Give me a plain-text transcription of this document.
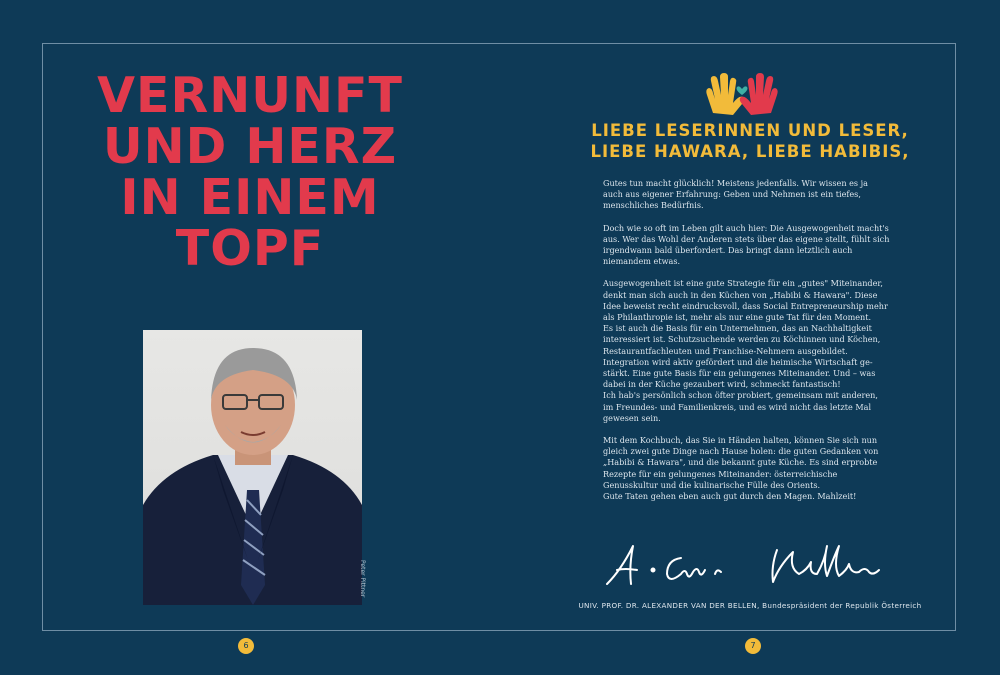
VERNUNFT
UND HERZ
IN EINEM
TOPF
Peter Pittner
6
LIEBE LESERINNEN UND LESER,
LIEBE HAWARA, LIEBE HABIBIS,

Gutes tun macht glücklich! Meistens jedenfalls. Wir wissen es ja
auch aus eigener Erfahrung: Geben und Nehmen ist ein tiefes,
menschliches Bedürfnis.

Doch wie so oft im Leben gilt auch hier: Die Ausgewogenheit macht's
aus. Wer das Wohl der Anderen stets über das eigene stellt, fühlt sich
irgendwann bald überfordert. Das bringt dann letztlich auch
niemandem etwas.

Ausgewogenheit ist eine gute Strategie für ein „gutes" Miteinander,
denkt man sich auch in den Küchen von „Habibi & Hawara". Diese
Idee beweist recht eindrucksvoll, dass Social Entrepreneurship mehr
als Philanthropie ist, mehr als nur eine gute Tat für den Moment.
Es ist auch die Basis für ein Unternehmen, das an Nachhaltigkeit
interessiert ist. Schutzsuchende werden zu Köchinnen und Köchen,
Restaurantfachleuten und Franchise-Nehmern ausgebildet.
Integration wird aktiv gefördert und die heimische Wirtschaft ge-
stärkt. Eine gute Basis für ein gelungenes Miteinander. Und – was
dabei in der Küche gezaubert wird, schmeckt fantastisch!
Ich hab's persönlich schon öfter probiert, gemeinsam mit anderen,
im Freundes- und Familienkreis, und es wird nicht das letzte Mal
gewesen sein.

Mit dem Kochbuch, das Sie in Händen halten, können Sie sich nun
gleich zwei gute Dinge nach Hause holen: die guten Gedanken von
„Habibi & Hawara", und die bekannt gute Küche. Es sind erprobte
Rezepte für ein gelungenes Miteinander: österreichische
Genusskultur und die kulinarische Fülle des Orients.
Gute Taten gehen eben auch gut durch den Magen. Mahlzeit!

UNIV. PROF. DR. ALEXANDER VAN DER BELLEN, Bundespräsident der Republik Österreich
7
